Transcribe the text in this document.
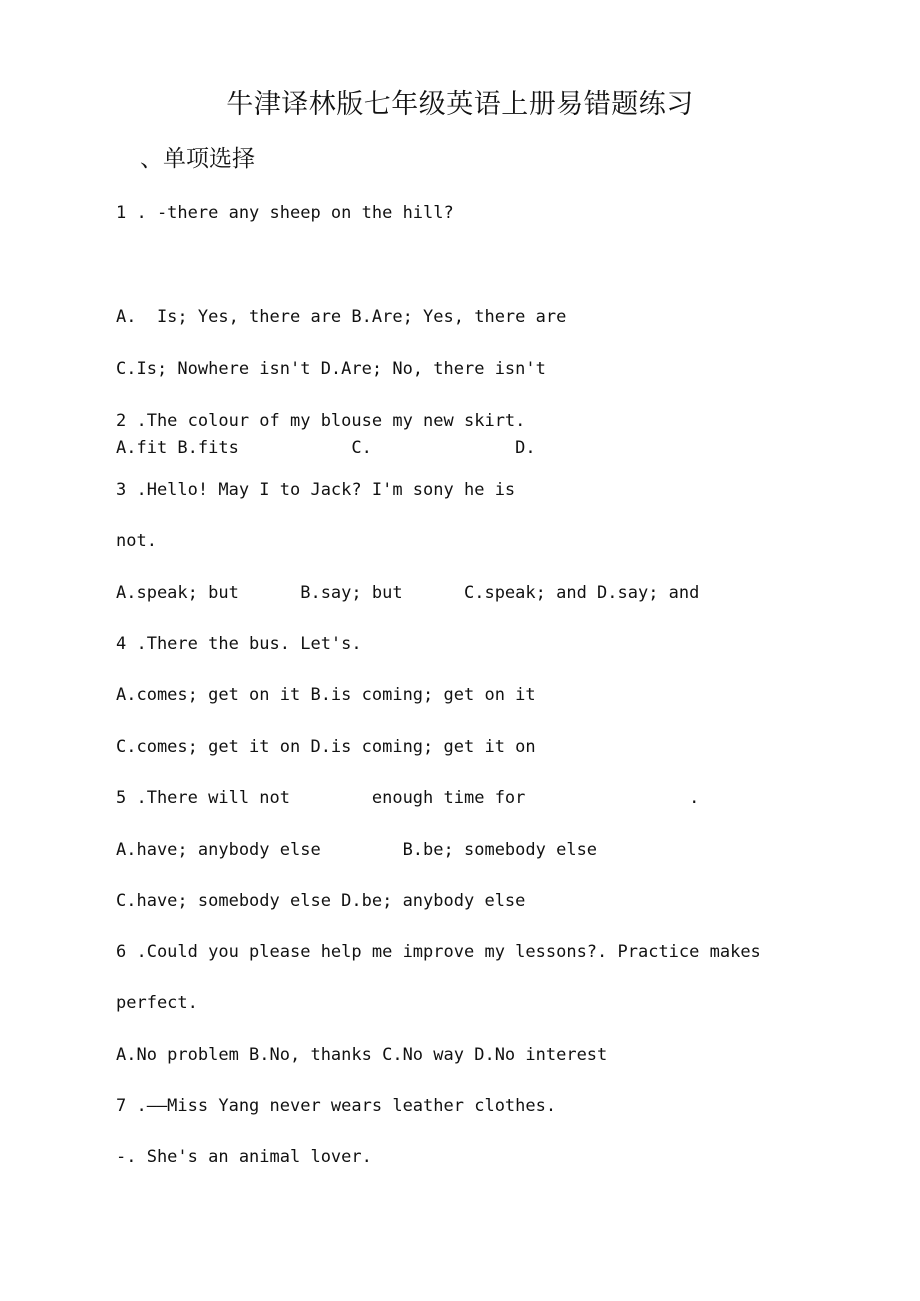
牛津译林版七年级英语上册易错题练习
、单项选择
1 . -there any sheep on the hill?
A.  Is; Yes, there are B.Are; Yes, there are
C.Is; Nowhere isn't D.Are; No, there isn't
2 .The colour of my blouse my new skirt.
A.fit B.fits           C.              D.
3 .Hello! May I to Jack? I'm sony he is
not.
A.speak; but      B.say; but      C.speak; and D.say; and
4 .There the bus. Let's.
A.comes; get on it B.is coming; get on it
C.comes; get it on D.is coming; get it on
5 .There will not        enough time for                .
A.have; anybody else        B.be; somebody else
C.have; somebody else D.be; anybody else
6 .Could you please help me improve my lessons?. Practice makes
perfect.
A.No problem B.No, thanks C.No way D.No interest
7 .——Miss Yang never wears leather clothes.
-. She's an animal lover.
